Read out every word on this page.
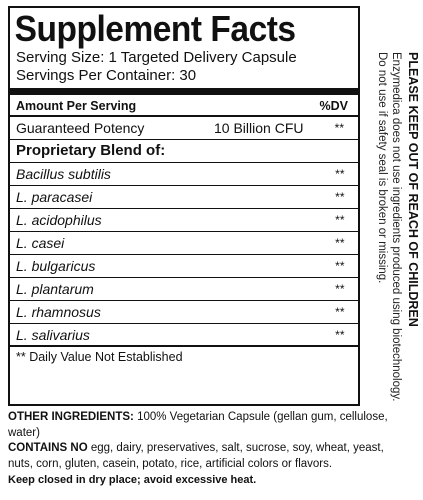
Supplement Facts
Serving Size: 1 Targeted Delivery Capsule
Servings Per Container: 30
Amount Per Serving	%DV
Guaranteed Potency	10 Billion CFU	**
Proprietary Blend of:
Bacillus subtilis	**
L. paracasei	**
L. acidophilus	**
L. casei	**
L. bulgaricus	**
L. plantarum	**
L. rhamnosus	**
L. salivarius	**
** Daily Value Not Established
Do not use if safety seal is broken or missing. Enzymedica does not use ingredients produced using biotechnology. PLEASE KEEP OUT OF REACH OF CHILDREN
OTHER INGREDIENTS: 100% Vegetarian Capsule (gellan gum, cellulose, water)
CONTAINS NO egg, dairy, preservatives, salt, sucrose, soy, wheat, yeast,
nuts, corn, gluten, casein, potato, rice, artificial colors or flavors.
Keep closed in dry place; avoid excessive heat.
